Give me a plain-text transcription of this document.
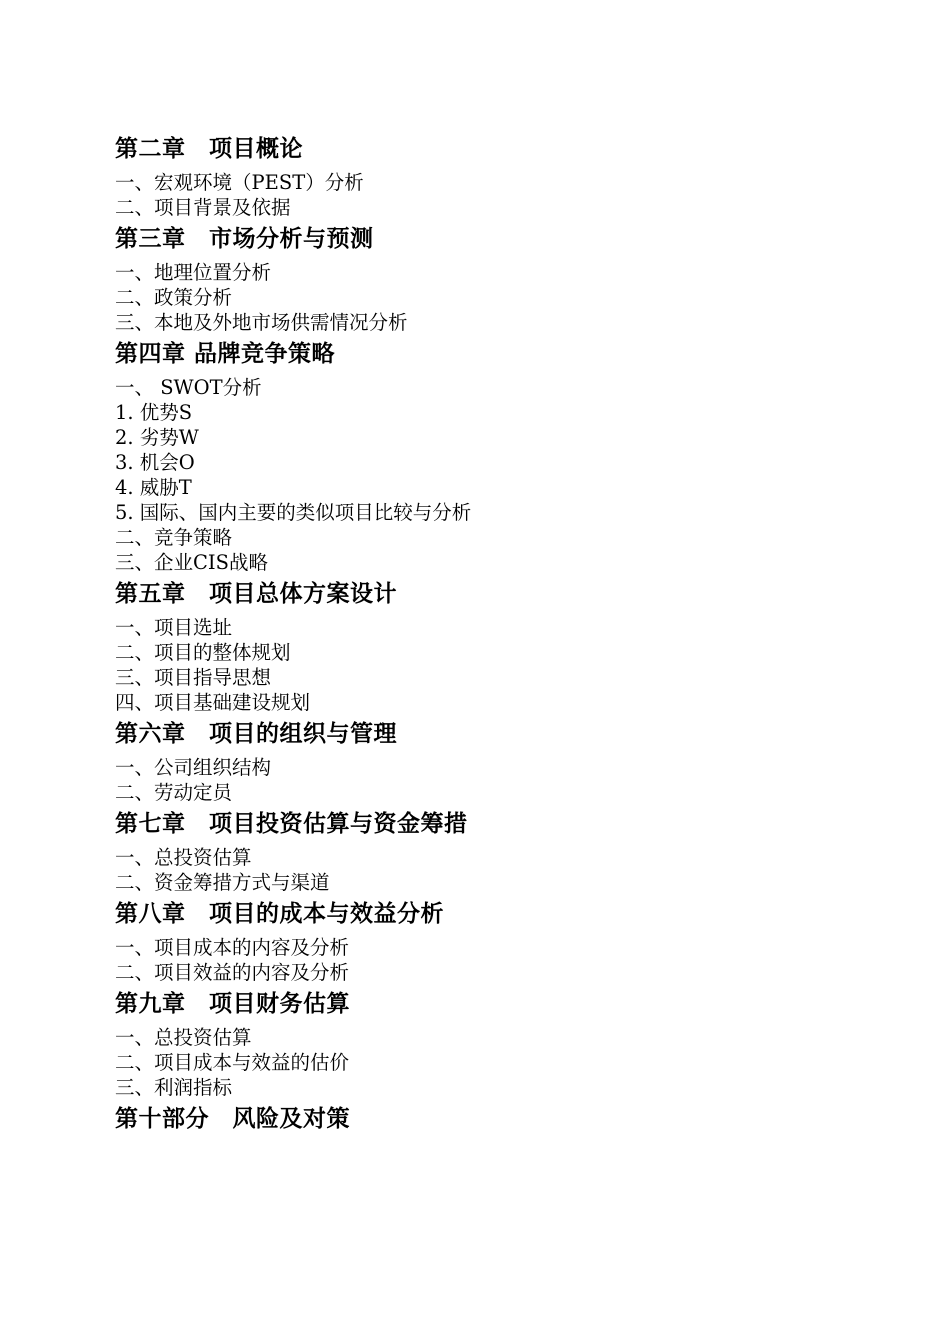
第二章　项目概论
一、宏观环境（PEST）分析
二、项目背景及依据
第三章　市场分析与预测
一、地理位置分析
二、政策分析
三、本地及外地市场供需情况分析
第四章 品牌竞争策略
一、 SWOT分析
1. 优势S
2. 劣势W
3. 机会O
4. 威胁T
5. 国际、国内主要的类似项目比较与分析
二、竞争策略
三、企业CIS战略
第五章　项目总体方案设计
一、项目选址
二、项目的整体规划
三、项目指导思想
四、项目基础建设规划
第六章　项目的组织与管理
一、公司组织结构
二、劳动定员
第七章　项目投资估算与资金筹措
一、总投资估算
二、资金筹措方式与渠道
第八章　项目的成本与效益分析
一、项目成本的内容及分析
二、项目效益的内容及分析
第九章　项目财务估算
一、总投资估算
二、项目成本与效益的估价
三、利润指标
第十部分　风险及对策
